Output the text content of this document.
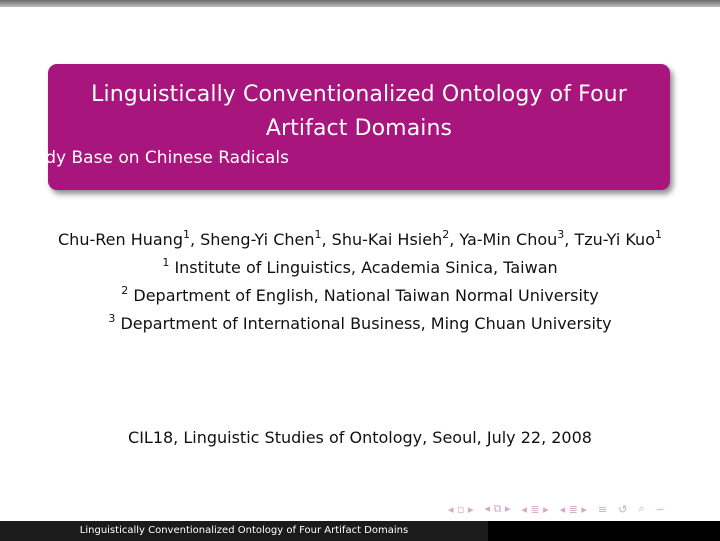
Linguistically Conventionalized Ontology of Four Artifact Domains
A Study Base on Chinese Radicals
Chu-Ren Huang$^1$, Sheng-Yi Chen$^1$, Shu-Kai Hsieh$^2$, Ya-Min Chou$^3$, Tzu-Yi Kuo$^1$
$^1$ Institute of Linguistics, Academia Sinica, Taiwan
$^2$ Department of English, National Taiwan Normal University
$^3$ Department of International Business, Ming Chuan University
CIL18, Linguistic Studies of Ontology, Seoul, July 22, 2008
◂ ▫ ▸ ◂ ⧉ ▸ ◂ ≣ ▸ ◂ ≣ ▸ ≡ ↺ ⌕ ∽
Linguistically Conventionalized Ontology of Four Artifact Domains
